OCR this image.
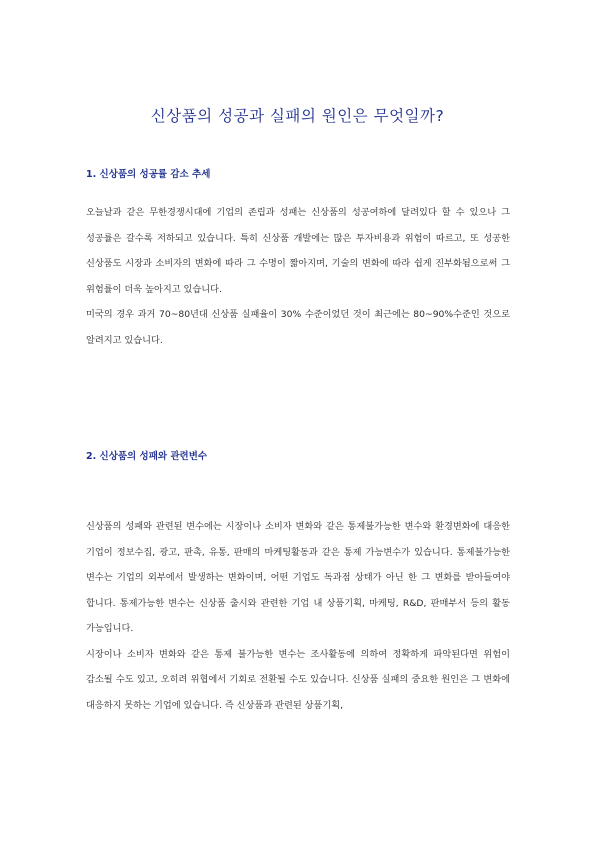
신상품의 성공과 실패의 원인은 무엇일까?
1. 신상품의 성공률 감소 추세
오늘날과 같은 무한경쟁시대에 기업의 존립과 성패는 신상품의 성공여하에 달려있다 할 수 있으나 그 성공률은 갈수록 저하되고 있습니다. 특히 신상품 개발에는 많은 투자비용과 위험이 따르고, 또 성공한 신상품도 시장과 소비자의 변화에 따라 그 수명이 짧아지며, 기술의 변화에 따라 쉽게 진부화됨으로써 그 위험률이 더욱 높아지고 있습니다.
미국의 경우 과거 70~80년대 신상품 실패율이 30% 수준이었던 것이 최근에는 80~90%수준인 것으로 알려지고 있습니다.
2. 신상품의 성패와 관련변수
신상품의 성패와 관련된 변수에는 시장이나 소비자 변화와 같은 통제불가능한 변수와 환경변화에 대응한 기업이 정보수집, 광고, 판촉, 유통, 판매의 마케팅활동과 같은 통제 가능변수가 있습니다. 통제불가능한 변수는 기업의 외부에서 발생하는 변화이며, 어떤 기업도 독과점 상태가 아닌 한 그 변화를 받아들여야 합니다. 통제가능한 변수는 신상품 출시와 관련한 기업 내 상품기획, 마케팅, R&D, 판매부서 등의 활동 가능입니다.
시장이나 소비자 변화와 같은 통제 불가능한 변수는 조사활동에 의하여 정확하게 파악된다면 위험이 감소될 수도 있고, 오히려 위협에서 기회로 전환될 수도 있습니다. 신상품 실패의 중요한 원인은 그 변화에 대응하지 못하는 기업에 있습니다. 즉 신상품과 관련된 상품기획,
